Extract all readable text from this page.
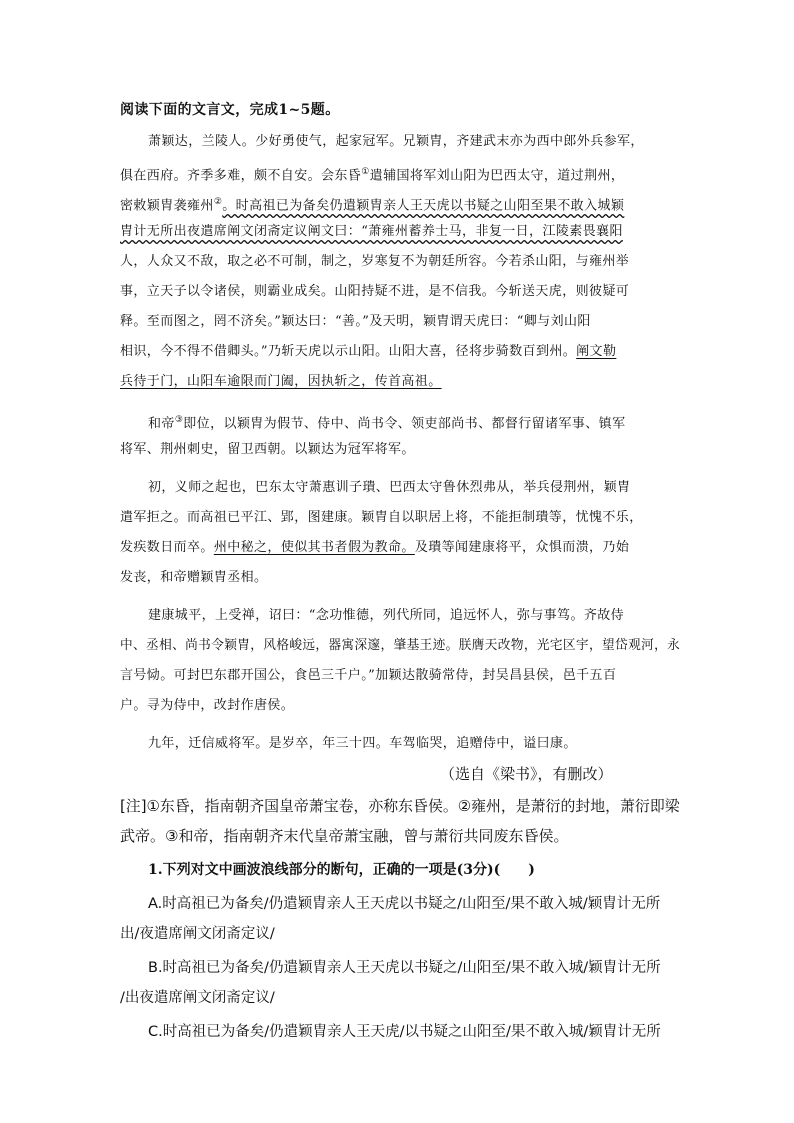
阅读下面的文言文，完成1~5题。
萧颖达，兰陵人。少好勇使气，起家冠军。兄颖胄，齐建武末亦为西中郎外兵参军，
俱在西府。齐季多难，颇不自安。会东昏①遣辅国将军刘山阳为巴西太守，道过荆州，
密敕颖胄袭雍州②。时高祖已为备矣仍遣颖胄亲人王天虎以书疑之山阳至果不敢入城颖
胄计无所出夜遣席阐文闭斋定议阐文曰：“萧雍州蓄养士马，非复一日，江陵素畏襄阳
人，人众又不敌，取之必不可制，制之，岁寒复不为朝廷所容。今若杀山阳，与雍州举
事，立天子以令诸侯，则霸业成矣。山阳持疑不进，是不信我。今斩送天虎，则彼疑可
释。至而图之，罔不济矣。”颖达曰：“善。”及天明，颖胄谓天虎曰：“卿与刘山阳
相识，今不得不借卿头。”乃斩天虎以示山阳。山阳大喜，径将步骑数百到州。阐文勒
兵待于门，山阳车逾限而门阖，因执斩之，传首高祖。
和帝③即位，以颖胄为假节、侍中、尚书令、领吏部尚书、都督行留诸军事、镇军
将军、荆州刺史，留卫西朝。以颖达为冠军将军。
初，义师之起也，巴东太守萧惠训子璝、巴西太守鲁休烈弗从，举兵侵荆州，颖胄
遣军拒之。而高祖已平江、郢，图建康。颖胄自以职居上将，不能拒制璝等，忧愧不乐，
发疾数日而卒。州中秘之，使似其书者假为教命。及璝等闻建康将平，众惧而溃，乃始
发丧，和帝赠颖胄丞相。
建康城平，上受禅，诏曰：“念功惟德，列代所同，追远怀人，弥与事笃。齐故侍
中、丞相、尚书令颖胄，风格峻远，器寓深邃，肇基王迹。朕膺天改物，光宅区宇，望岱观河，永
言号恸。可封巴东郡开国公，食邑三千户。”加颖达散骑常侍，封吴昌县侯，邑千五百
户。寻为侍中，改封作唐侯。
九年，迁信威将军。是岁卒，年三十四。车驾临哭，追赠侍中，谥曰康。
（选自《梁书》，有删改）
[注]①东昏，指南朝齐国皇帝萧宝卷，亦称东昏侯。②雍州，是萧衍的封地，萧衍即梁
武帝。③和帝，指南朝齐末代皇帝萧宝融，曾与萧衍共同废东昏侯。
1.下列对文中画波浪线部分的断句，正确的一项是(3分)(　　)
A.时高祖已为备矣/仍遣颖胄亲人王天虎以书疑之/山阳至/果不敢入城/颖胄计无所
出/夜遣席阐文闭斋定议/
B.时高祖已为备矣/仍遣颖胄亲人王天虎以书疑之/山阳至/果不敢入城/颖胄计无所
/出夜遣席阐文闭斋定议/
C.时高祖已为备矣/仍遣颖胄亲人王天虎/以书疑之山阳至/果不敢入城/颖胄计无所
